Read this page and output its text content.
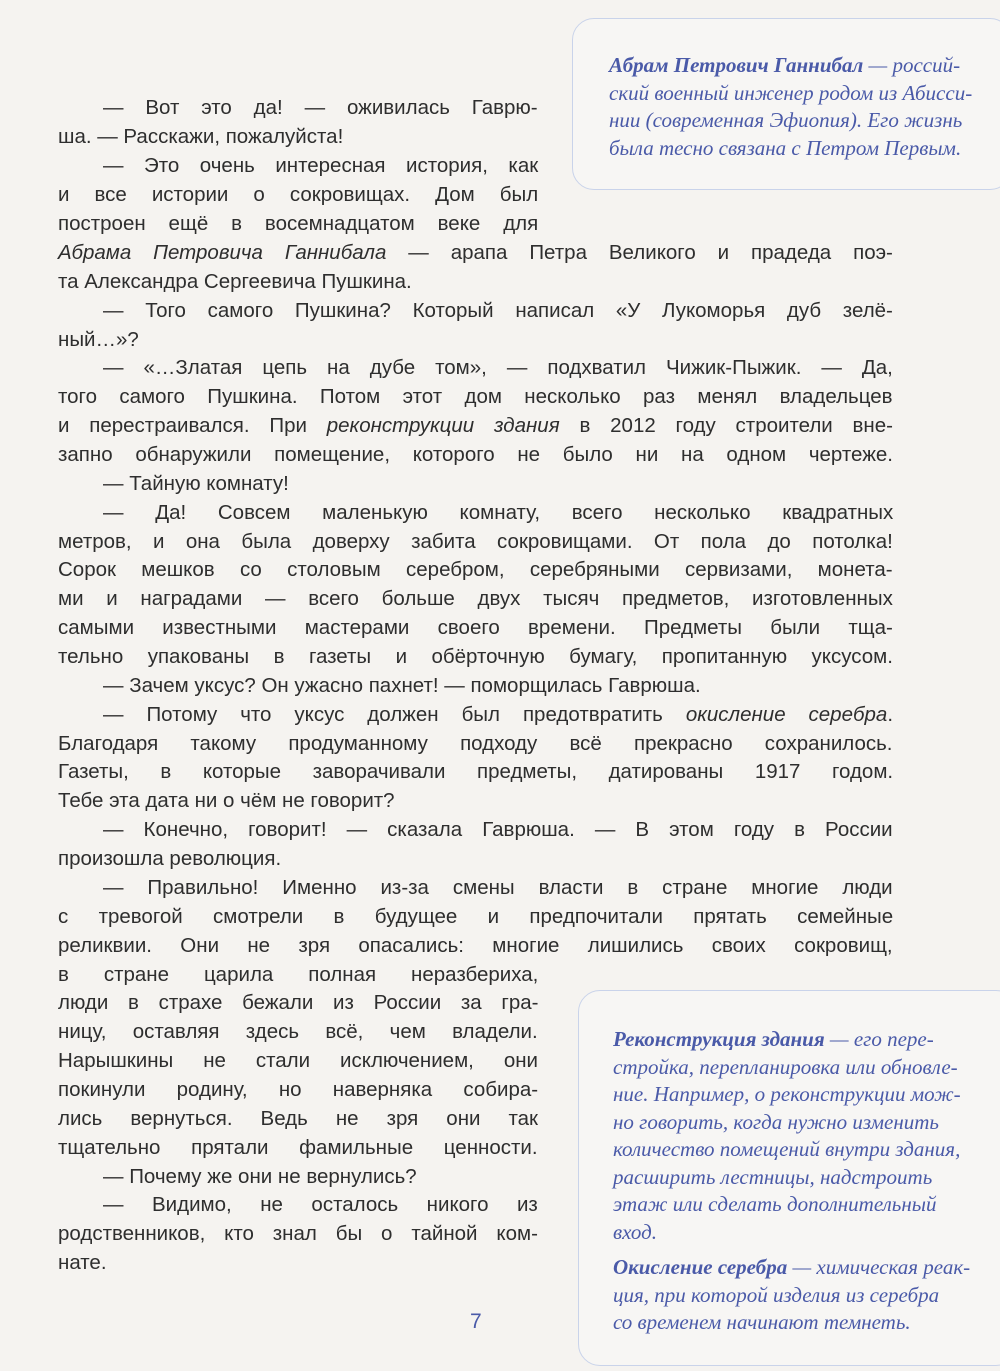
Абрам Петрович Ганнибал — россий-
ский военный инженер родом из Абисси-
нии (современная Эфиопия). Его жизнь
была тесно связана с Петром Первым.

Реконструкция здания — его пере-
стройка, перепланировка или обновле-
ние. Например, о реконструкции мож-
но говорить, когда нужно изменить
количество помещений внутри здания,
расширить лестницы, надстроить
этаж или сделать дополнительный
вход.

Окисление серебра — химическая реак-
ция, при которой изделия из серебра
со временем начинают темнеть.

— Вот это да! — оживилась Гаврю-
ша. — Расскажи, пожалуйста!
— Это очень интересная история, как
и все истории о сокровищах. Дом был
построен ещё в восемнадцатом веке для
Абрама Петровича Ганнибала — арапа Петра Великого и прадеда поэ-
та Александра Сергеевича Пушкина.
— Того самого Пушкина? Который написал «У Лукоморья дуб зелё-
ный…»?
— «…Златая цепь на дубе том», — подхватил Чижик-Пыжик. — Да,
того самого Пушкина. Потом этот дом несколько раз менял владельцев
и перестраивался. При реконструкции здания в 2012 году строители вне-
запно обнаружили помещение, которого не было ни на одном чертеже.
— Тайную комнату!
— Да! Совсем маленькую комнату, всего несколько квадратных
метров, и она была доверху забита сокровищами. От пола до потолка!
Сорок мешков со столовым серебром, серебряными сервизами, монета-
ми и наградами — всего больше двух тысяч предметов, изготовленных
самыми известными мастерами своего времени. Предметы были тща-
тельно упакованы в газеты и обёрточную бумагу, пропитанную уксусом.
— Зачем уксус? Он ужасно пахнет! — поморщилась Гаврюша.
— Потому что уксус должен был предотвратить окисление серебра.
Благодаря такому продуманному подходу всё прекрасно сохранилось.
Газеты, в которые заворачивали предметы, датированы 1917 годом.
Тебе эта дата ни о чём не говорит?
— Конечно, говорит! — сказала Гаврюша. — В этом году в России
произошла революция.
— Правильно! Именно из-за смены власти в стране многие люди
с тревогой смотрели в будущее и предпочитали прятать семейные
реликвии. Они не зря опасались: многие лишились своих сокровищ,
в стране царила полная неразбериха,
люди в страхе бежали из России за гра-
ницу, оставляя здесь всё, чем владели.
Нарышкины не стали исключением, они
покинули родину, но наверняка собира-
лись вернуться. Ведь не зря они так
тщательно прятали фамильные ценности.
— Почему же они не вернулись?
— Видимо, не осталось никого из
родственников, кто знал бы о тайной ком-
нате.
7
